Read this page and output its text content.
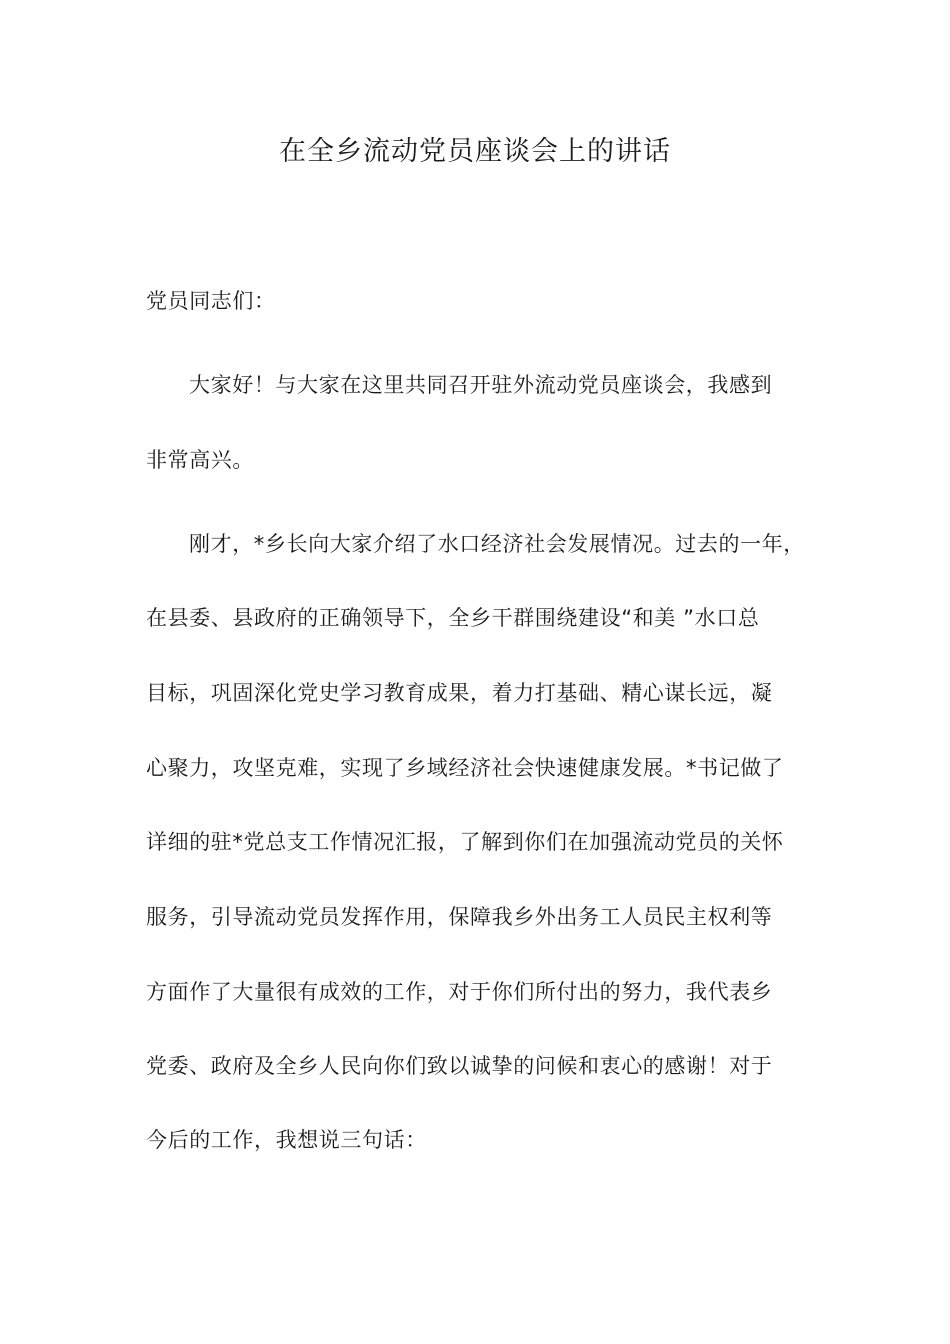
在全乡流动党员座谈会上的讲话

党员同志们：

大家好！与大家在这里共同召开驻外流动党员座谈会，我感到

非常高兴。

刚才，*乡长向大家介绍了水口经济社会发展情况。过去的一年，

在县委、县政府的正确领导下，全乡干群围绕建设“和美 ”水口总

目标，巩固深化党史学习教育成果，着力打基础、精心谋长远，凝

心聚力，攻坚克难，实现了乡域经济社会快速健康发展。*书记做了

详细的驻*党总支工作情况汇报，了解到你们在加强流动党员的关怀

服务，引导流动党员发挥作用，保障我乡外出务工人员民主权利等

方面作了大量很有成效的工作，对于你们所付出的努力，我代表乡

党委、政府及全乡人民向你们致以诚挚的问候和衷心的感谢！对于

今后的工作，我想说三句话：
